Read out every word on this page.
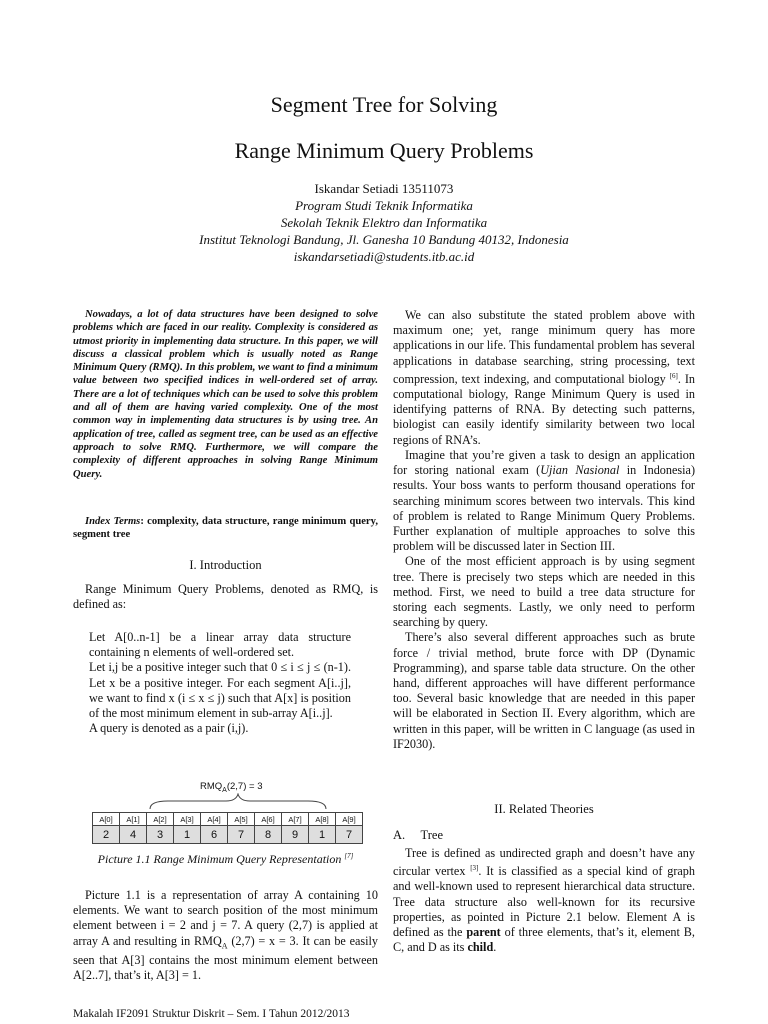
Segment Tree for Solving
Range Minimum Query Problems
Iskandar Setiadi 13511073
Program Studi Teknik Informatika
Sekolah Teknik Elektro dan Informatika
Institut Teknologi Bandung, Jl. Ganesha 10 Bandung 40132, Indonesia
iskandarsetiadi@students.itb.ac.id
Nowadays, a lot of data structures have been designed to solve problems which are faced in our reality. Complexity is considered as utmost priority in implementing data structure. In this paper, we will discuss a classical problem which is usually noted as Range Minimum Query (RMQ). In this problem, we want to find a minimum value between two specified indices in well-ordered set of array. There are a lot of techniques which can be used to solve this problem and all of them are having varied complexity. One of the most common way in implementing data structures is by using tree. An application of tree, called as segment tree, can be used as an effective approach to solve RMQ. Furthermore, we will compare the complexity of different approaches in solving Range Minimum Query.
Index Terms: complexity, data structure, range minimum query, segment tree
I. Introduction
Range Minimum Query Problems, denoted as RMQ, is defined as:

Let A[0..n-1] be a linear array data structure containing n elements of well-ordered set.

Let i,j be a positive integer such that 0 ≤ i ≤ j ≤ (n-1). Let x be a positive integer. For each segment A[i..j], we want to find x (i ≤ x ≤ j) such that A[x] is position of the most minimum element in sub-array A[i..j].

A query is denoted as a pair (i,j).

$RMQ_A(2,7) = 3$
A[0]	A[1]	A[2]	A[3]	A[4]	A[5]	A[6]	A[7]	A[8]	A[9]
2	4	3	1	6	7	8	9	1	7
Picture 1.1 Range Minimum Query Representation [7]
Picture 1.1 is a representation of array A containing 10 elements. We want to search position of the most minimum element between i = 2 and j = 7. A query (2,7) is applied at array A and resulting in $RMQ_A$ (2,7) = x = 3. It can be easily seen that A[3] contains the most minimum element between A[2..7], that’s it, A[3] = 1.

We can also substitute the stated problem above with maximum one; yet, range minimum query has more applications in our life. This fundamental problem has several applications in database searching, string processing, text compression, text indexing, and computational biology [6]. In computational biology, Range Minimum Query is used in identifying patterns of RNA. By detecting such patterns, biologist can easily identify similarity between two local regions of RNA’s.

Imagine that you’re given a task to design an application for storing national exam (Ujian Nasional in Indonesia) results. Your boss wants to perform thousand operations for searching minimum scores between two intervals. This kind of problem is related to Range Minimum Query Problems. Further explanation of multiple approaches to solve this problem will be discussed later in Section III.

One of the most efficient approach is by using segment tree. There is precisely two steps which are needed in this method. First, we need to build a tree data structure for storing each segments. Lastly, we only need to perform searching by query.

There’s also several different approaches such as brute force / trivial method, brute force with DP (Dynamic Programming), and sparse table data structure. On the other hand, different approaches will have different performance too. Several basic knowledge that are needed in this paper will be elaborated in Section II. Every algorithm, which are written in this paper, will be written in C language (as used in IF2030).

II. Related Theories
A.     Tree
Tree is defined as undirected graph and doesn’t have any circular vertex [3]. It is classified as a special kind of graph and well-known used to represent hierarchical data structure. Tree data structure also well-known for its recursive properties, as pointed in Picture 2.1 below. Element A is defined as the parent of three elements, that’s it, element B, C, and D as its child.
Makalah IF2091 Struktur Diskrit – Sem. I Tahun 2012/2013
